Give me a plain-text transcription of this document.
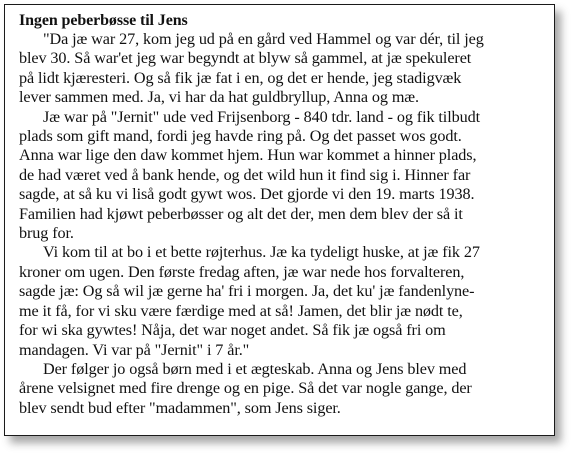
Ingen peberbøsse til Jens
"Da jæ war 27, kom jeg ud på en gård ved Hammel og var dér, til jeg
blev 30. Så war'et jeg war begyndt at blyw så gammel, at jæ spekuleret
på lidt kjæresteri. Og så fik jæ fat i en, og det er hende, jeg stadigvæk
lever sammen med. Ja, vi har da hat guldbryllup, Anna og mæ.
Jæ war på "Jernit" ude ved Frijsenborg - 840 tdr. land - og fik tilbudt
plads som gift mand, fordi jeg havde ring på. Og det passet wos godt.
Anna war lige den daw kommet hjem. Hun war kommet a hinner plads,
de had været ved å bank hende, og det wild hun it find sig i. Hinner far
sagde, at så ku vi liså godt gywt wos. Det gjorde vi den 19. marts 1938.
Familien had kjøwt peberbøsser og alt det der, men dem blev der så it
brug for.
Vi kom til at bo i et bette røjterhus. Jæ ka tydeligt huske, at jæ fik 27
kroner om ugen. Den første fredag aften, jæ war nede hos forvalteren,
sagde jæ: Og så wil jæ gerne ha' fri i morgen. Ja, det ku' jæ fandenlyne-
me it få, for vi sku være færdige med at så! Jamen, det blir jæ nødt te,
for wi ska gywtes! Nåja, det war noget andet. Så fik jæ også fri om
mandagen. Vi var på "Jernit" i 7 år."
Der følger jo også børn med i et ægteskab. Anna og Jens blev med
årene velsignet med fire drenge og en pige. Så det var nogle gange, der
blev sendt bud efter "madammen", som Jens siger.
